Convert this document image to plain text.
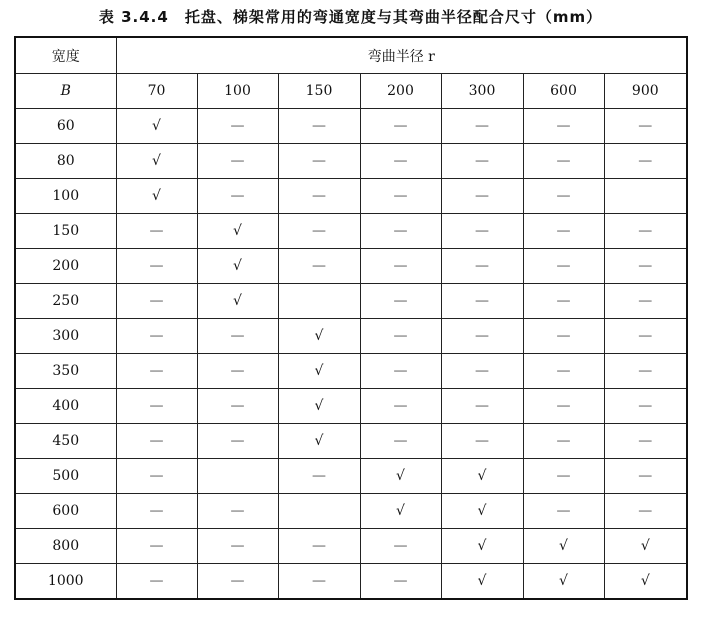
表 3.4.4　托盘、梯架常用的弯通宽度与其弯曲半径配合尺寸（mm）
宽度	弯曲半径 r						
B	70	100	150	200	300	600	900
60	√	—	—	—	—	—	—
80	√	—	—	—	—	—	—
100	√	—	—	—	—	—	
150	—	√	—	—	—	—	—
200	—	√	—	—	—	—	—
250	—	√		—	—	—	—
300	—	—	√	—	—	—	—
350	—	—	√	—	—	—	—
400	—	—	√	—	—	—	—
450	—	—	√	—	—	—	—
500	—		—	√	√	—	—
600	—	—		√	√	—	—
800	—	—	—	—	√	√	√
1000	—	—	—	—	√	√	√
